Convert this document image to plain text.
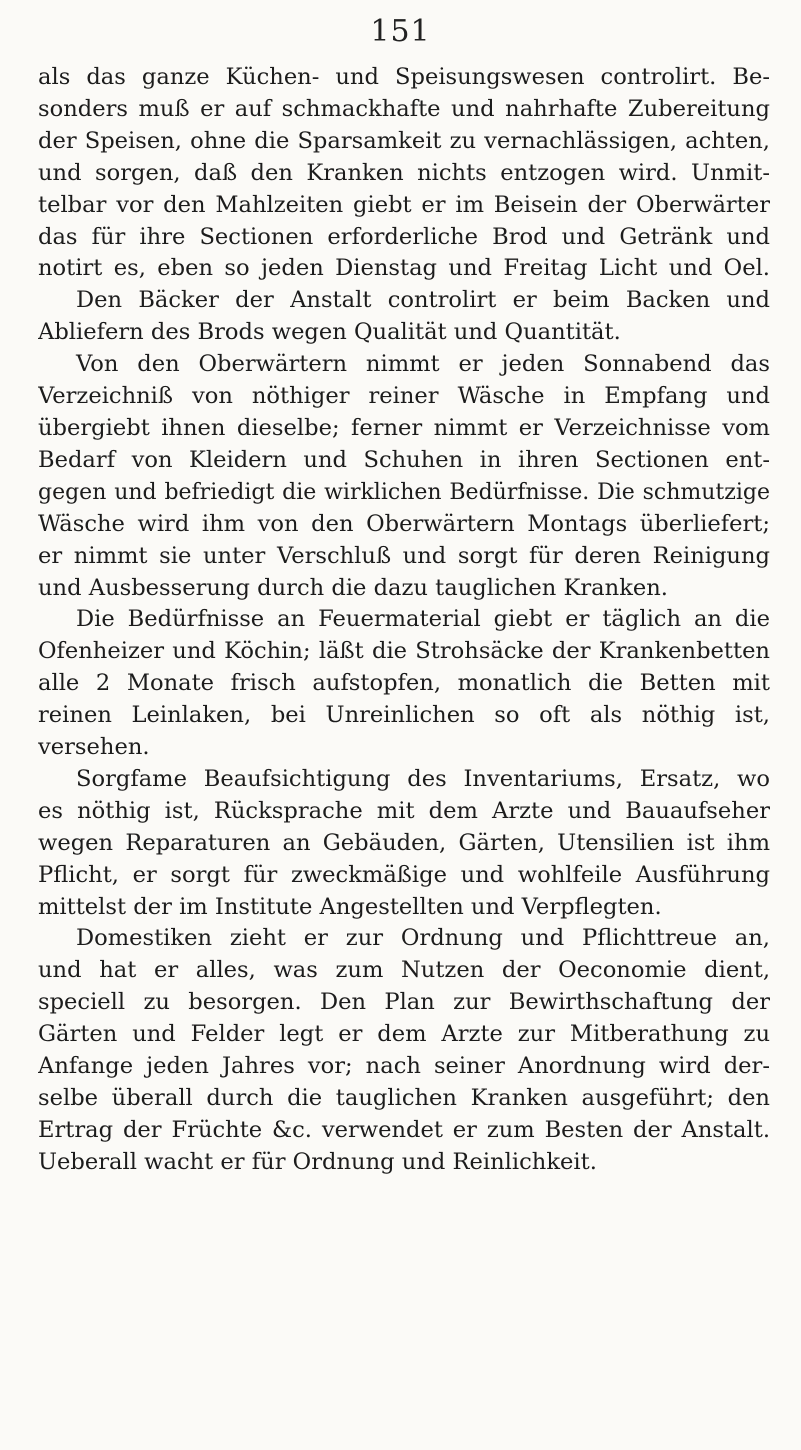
151
als das ganze Küchen- und Speisungswesen controlirt. Be-
sonders muß er auf schmackhafte und nahrhafte Zubereitung
der Speisen, ohne die Sparsamkeit zu vernachlässigen, achten,
und sorgen, daß den Kranken nichts entzogen wird. Unmit-
telbar vor den Mahlzeiten giebt er im Beisein der Oberwärter
das für ihre Sectionen erforderliche Brod und Getränk und
notirt es, eben so jeden Dienstag und Freitag Licht und Oel.
Den Bäcker der Anstalt controlirt er beim Backen und
Abliefern des Brods wegen Qualität und Quantität.
Von den Oberwärtern nimmt er jeden Sonnabend das
Verzeichniß von nöthiger reiner Wäsche in Empfang und
übergiebt ihnen dieselbe; ferner nimmt er Verzeichnisse vom
Bedarf von Kleidern und Schuhen in ihren Sectionen ent-
gegen und befriedigt die wirklichen Bedürfnisse. Die schmutzige
Wäsche wird ihm von den Oberwärtern Montags überliefert;
er nimmt sie unter Verschluß und sorgt für deren Reinigung
und Ausbesserung durch die dazu tauglichen Kranken.
Die Bedürfnisse an Feuermaterial giebt er täglich an die
Ofenheizer und Köchin; läßt die Strohsäcke der Krankenbetten
alle 2 Monate frisch aufstopfen, monatlich die Betten mit
reinen Leinlaken, bei Unreinlichen so oft als nöthig ist,
versehen.
Sorgfame Beaufsichtigung des Inventariums, Ersatz, wo
es nöthig ist, Rücksprache mit dem Arzte und Bauaufseher
wegen Reparaturen an Gebäuden, Gärten, Utensilien ist ihm
Pflicht, er sorgt für zweckmäßige und wohlfeile Ausführung
mittelst der im Institute Angestellten und Verpflegten.
Domestiken zieht er zur Ordnung und Pflichttreue an,
und hat er alles, was zum Nutzen der Oeconomie dient,
speciell zu besorgen. Den Plan zur Bewirthschaftung der
Gärten und Felder legt er dem Arzte zur Mitberathung zu
Anfange jeden Jahres vor; nach seiner Anordnung wird der-
selbe überall durch die tauglichen Kranken ausgeführt; den
Ertrag der Früchte &c. verwendet er zum Besten der Anstalt.
Ueberall wacht er für Ordnung und Reinlichkeit.
